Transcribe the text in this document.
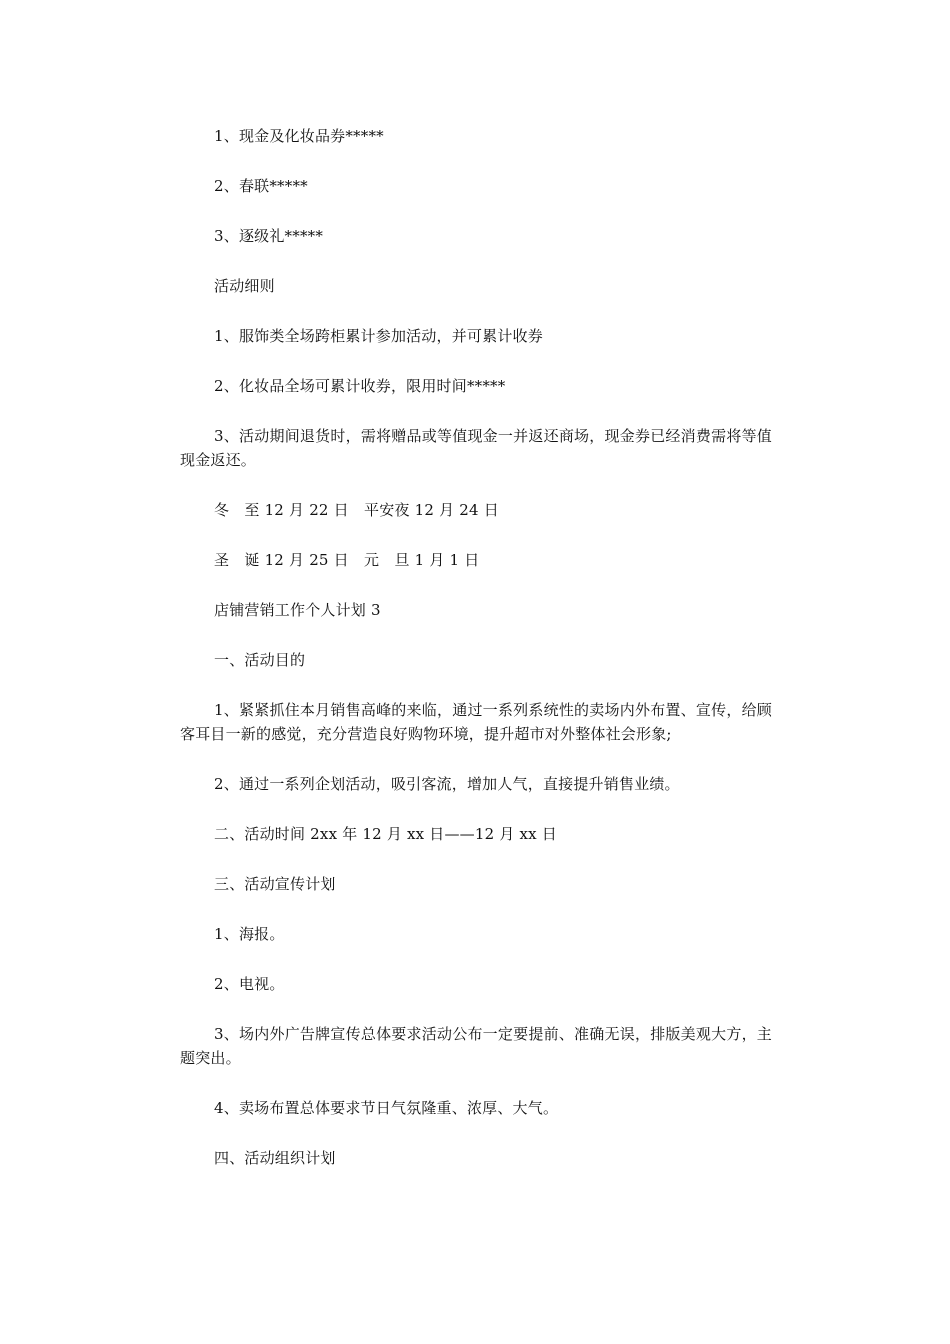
1、现金及化妆品券*****

2、春联*****

3、逐级礼*****

活动细则

1、服饰类全场跨柜累计参加活动，并可累计收券

2、化妆品全场可累计收券，限用时间*****

3、活动期间退货时，需将赠品或等值现金一并返还商场，现金券已经消费需将等值现金返还。

冬　至 12 月 22 日　平安夜 12 月 24 日

圣　诞 12 月 25 日　元　旦 1 月 1 日

店铺营销工作个人计划 3

一、活动目的

1、紧紧抓住本月销售高峰的来临，通过一系列系统性的卖场内外布置、宣传，给顾客耳目一新的感觉，充分营造良好购物环境，提升超市对外整体社会形象;

2、通过一系列企划活动，吸引客流，增加人气，直接提升销售业绩。

二、活动时间 2xx 年 12 月 xx 日——12 月 xx 日

三、活动宣传计划

1、海报。

2、电视。

3、场内外广告牌宣传总体要求活动公布一定要提前、准确无误，排版美观大方，主题突出。

4、卖场布置总体要求节日气氛隆重、浓厚、大气。

四、活动组织计划
